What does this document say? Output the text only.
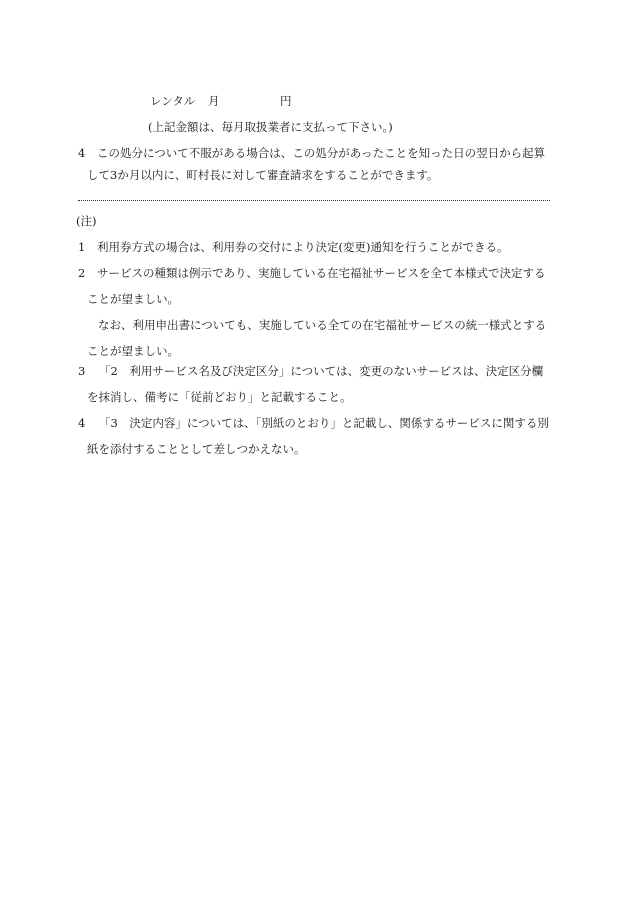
レンタル 月	円
(上記金額は、毎月取扱業者に支払って下さい。)
4 この処分について不服がある場合は、この処分があったことを知った日の翌日から起算
して3か月以内に、町村長に対して審査請求をすることができます。
(注)
1 利用券方式の場合は、利用券の交付により決定(変更)通知を行うことができる。
2 サービスの種類は例示であり、実施している在宅福祉サービスを全て本様式で決定する
ことが望ましい。
なお、利用申出書についても、実施している全ての在宅福祉サービスの統一様式とする
ことが望ましい。
3 「2　利用サービス名及び決定区分」については、変更のないサービスは、決定区分欄
を抹消し、備考に「従前どおり」と記載すること。
4 「3　決定内容」については、「別紙のとおり」と記載し、関係するサービスに関する別
紙を添付することとして差しつかえない。
